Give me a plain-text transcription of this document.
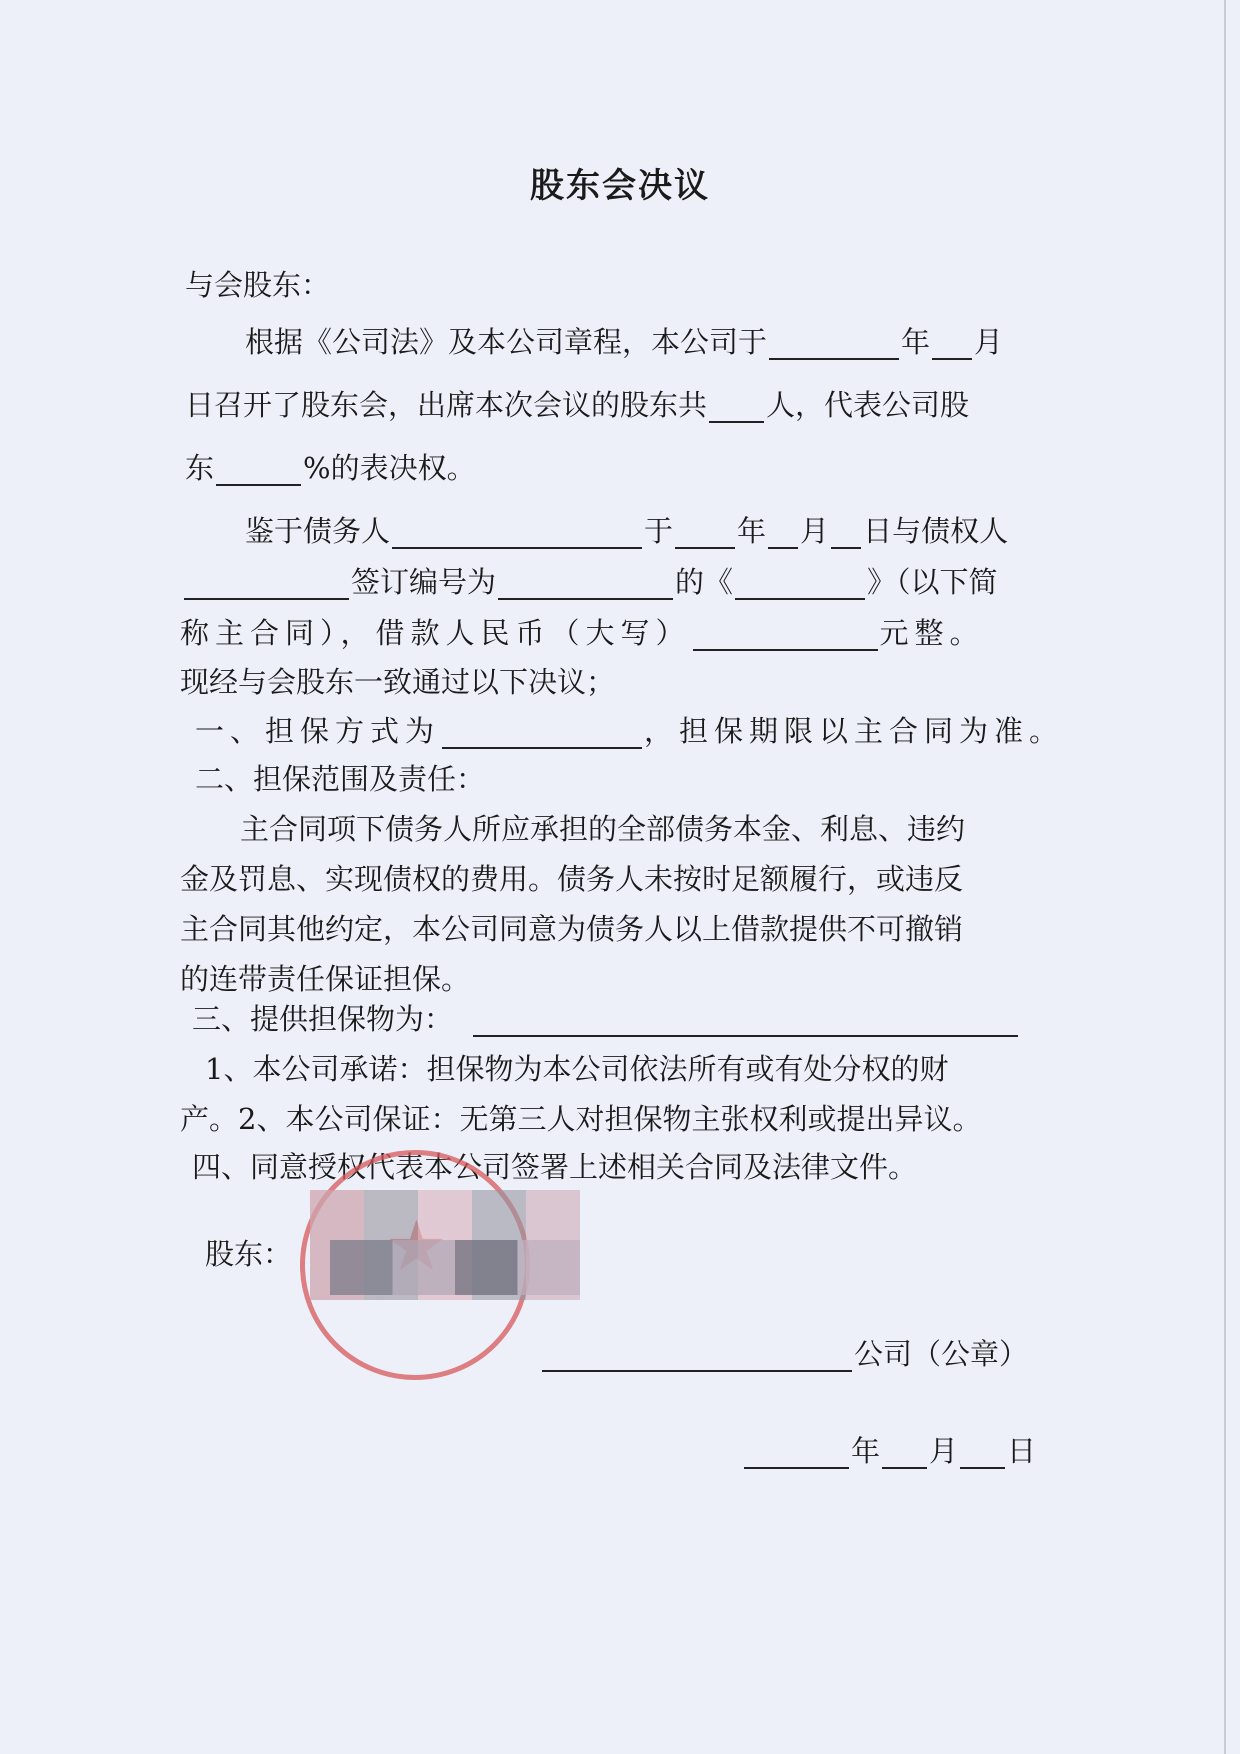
股东会决议
与会股东：
根据《公司法》及本公司章程，本公司于	年 月
日召开了股东会，出席本次会议的股东共 人，代表公司股
东	%的表决权。
鉴于债务人	于 年 月 日与债权人
签订编号为	的《	》（以下简
称主合同），借款人民币（大写）	元整。
现经与会股东一致通过以下决议；
一、担保方式为	，担保期限以主合同为准。
二、担保范围及责任：
主合同项下债务人所应承担的全部债务本金、利息、违约
金及罚息、实现债权的费用。债务人未按时足额履行，或违反
主合同其他约定，本公司同意为债务人以上借款提供不可撤销
的连带责任保证担保。
三、提供担保物为：
1、本公司承诺：担保物为本公司依法所有或有处分权的财
产。2、本公司保证：无第三人对担保物主张权利或提出异议。
四、同意授权代表本公司签署上述相关合同及法律文件。
股东：
公司（公章）
年 月 日
